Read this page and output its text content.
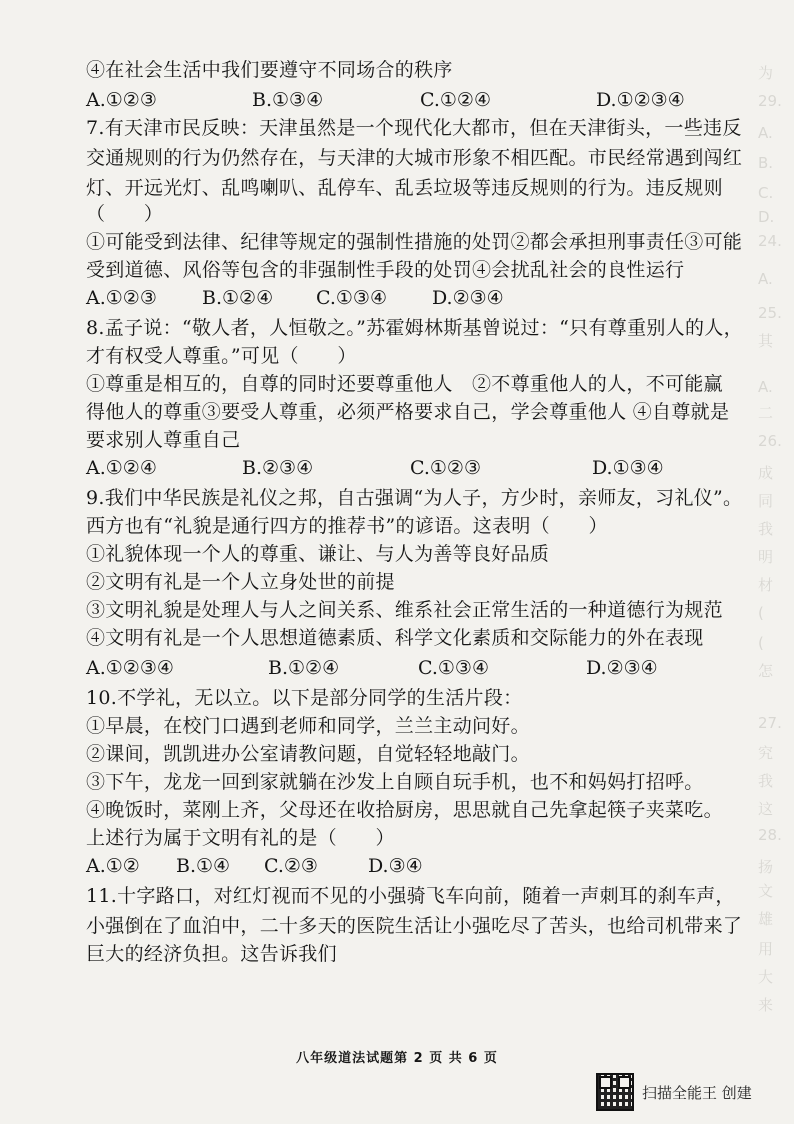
为
29.
A.
B.
C.
D.
24.
A.
25.
其
A.
二
26.
成
同
我
明
材
(
(
怎
27.
究
我
这
28.
扬
文
雄
用
大
来
④在社会生活中我们要遵守不同场合的秩序
A.①②③	B.①③④	C.①②④	D.①②③④
7.有天津市民反映：天津虽然是一个现代化大都市，但在天津街头，一些违反
交通规则的行为仍然存在，与天津的大城市形象不相匹配。市民经常遇到闯红
灯、开远光灯、乱鸣喇叭、乱停车、乱丢垃圾等违反规则的行为。违反规则
（　　）
①可能受到法律、纪律等规定的强制性措施的处罚②都会承担刑事责任③可能
受到道德、风俗等包含的非强制性手段的处罚④会扰乱社会的良性运行
A.①②③ B.①②④ C.①③④ D.②③④
8.孟子说：“敬人者，人恒敬之。”苏霍姆林斯基曾说过：“只有尊重别人的人，
才有权受人尊重。”可见（　　）
①尊重是相互的，自尊的同时还要尊重他人　②不尊重他人的人，不可能赢
得他人的尊重③要受人尊重，必须严格要求自己，学会尊重他人 ④自尊就是
要求别人尊重自己
A.①②④	B.②③④	C.①②③	D.①③④
9.我们中华民族是礼仪之邦，自古强调“为人子，方少时，亲师友，习礼仪”。
西方也有“礼貌是通行四方的推荐书”的谚语。这表明（　　）
①礼貌体现一个人的尊重、谦让、与人为善等良好品质
②文明有礼是一个人立身处世的前提
③文明礼貌是处理人与人之间关系、维系社会正常生活的一种道德行为规范
④文明有礼是一个人思想道德素质、科学文化素质和交际能力的外在表现
A.①②③④	B.①②④	C.①③④	D.②③④
10.不学礼，无以立。以下是部分同学的生活片段：
①早晨，在校门口遇到老师和同学，兰兰主动问好。
②课间，凯凯进办公室请教问题，自觉轻轻地敲门。
③下午，龙龙一回到家就躺在沙发上自顾自玩手机，也不和妈妈打招呼。
④晚饭时，菜刚上齐，父母还在收拾厨房，思思就自己先拿起筷子夹菜吃。
上述行为属于文明有礼的是（　　）
A.①② B.①④ C.②③	D.③④
11.十字路口，对红灯视而不见的小强骑飞车向前，随着一声刺耳的刹车声，
小强倒在了血泊中，二十多天的医院生活让小强吃尽了苦头，也给司机带来了
巨大的经济负担。这告诉我们
八年级道法试题第 2 页 共 6 页
扫描全能王 创建
